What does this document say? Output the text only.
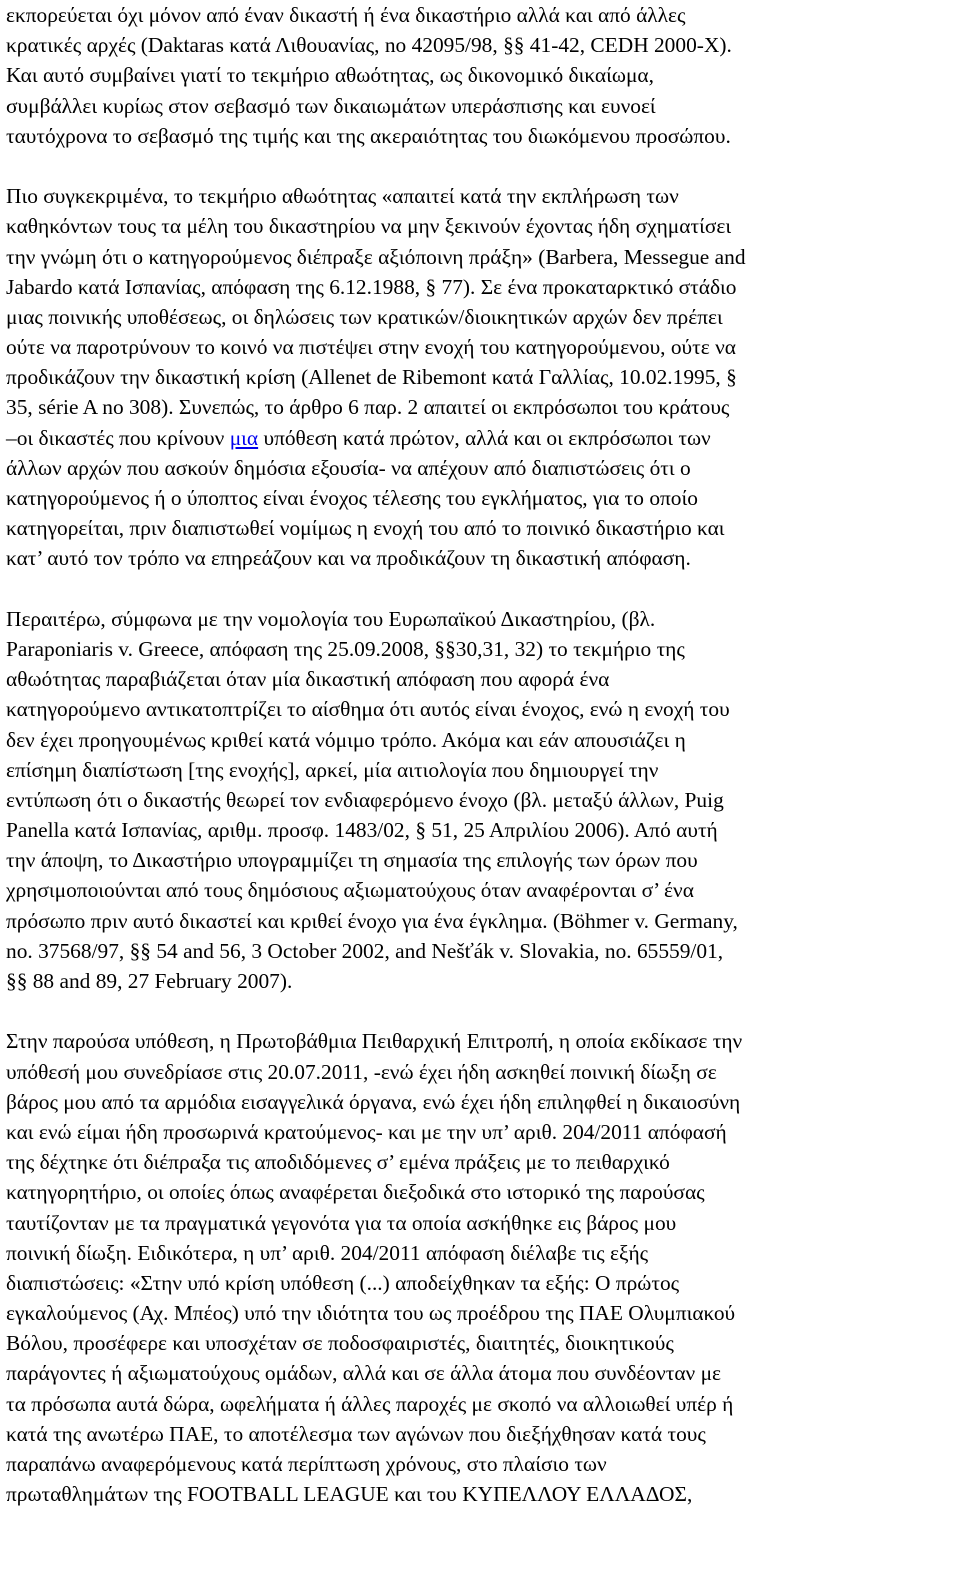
εκπορεύεται όχι μόνον από έναν δικαστή ή ένα δικαστήριο αλλά και από άλλες
κρατικές αρχές (Daktaras κατά Λιθουανίας, no 42095/98, §§ 41-42, CEDH 2000-X).
Και αυτό συμβαίνει γιατί το τεκμήριο αθωότητας, ως δικονομικό δικαίωμα,
συμβάλλει κυρίως στον σεβασμό των δικαιωμάτων υπεράσπισης και ευνοεί
ταυτόχρονα το σεβασμό της τιμής και της ακεραιότητας του διωκόμενου προσώπου.

Πιο συγκεκριμένα, το τεκμήριο αθωότητας «απαιτεί κατά την εκπλήρωση των
καθηκόντων τους τα μέλη του δικαστηρίου να μην ξεκινούν έχοντας ήδη σχηματίσει
την γνώμη ότι ο κατηγορούμενος διέπραξε αξιόποινη πράξη» (Barbera, Messegue and
Jabardo κατά Ισπανίας, απόφαση της 6.12.1988, § 77). Σε ένα προκαταρκτικό στάδιο
μιας ποινικής υποθέσεως, οι δηλώσεις των κρατικών/διοικητικών αρχών δεν πρέπει
ούτε να παροτρύνουν το κοινό να πιστέψει στην ενοχή του κατηγορούμενου, ούτε να
προδικάζουν την δικαστική κρίση (Allenet de Ribemont κατά Γαλλίας, 10.02.1995, §
35, série A no 308). Συνεπώς, το άρθρο 6 παρ. 2 απαιτεί οι εκπρόσωποι του κράτους
–οι δικαστές που κρίνουν μια υπόθεση κατά πρώτον, αλλά και οι εκπρόσωποι των
άλλων αρχών που ασκούν δημόσια εξουσία- να απέχουν από διαπιστώσεις ότι ο
κατηγορούμενος ή ο ύποπτος είναι ένοχος τέλεσης του εγκλήματος, για το οποίο
κατηγορείται, πριν διαπιστωθεί νομίμως η ενοχή του από το ποινικό δικαστήριο και
κατ’ αυτό τον τρόπο να επηρεάζουν και να προδικάζουν τη δικαστική απόφαση.

Περαιτέρω, σύμφωνα με την νομολογία του Ευρωπαϊκού Δικαστηρίου, (βλ.
Paraponiaris v. Greece, απόφαση της 25.09.2008, §§30,31, 32) το τεκμήριο της
αθωότητας παραβιάζεται όταν μία δικαστική απόφαση που αφορά ένα
κατηγορούμενο αντικατοπτρίζει το αίσθημα ότι αυτός είναι ένοχος, ενώ η ενοχή του
δεν έχει προηγουμένως κριθεί κατά νόμιμο τρόπο. Ακόμα και εάν απουσιάζει η
επίσημη διαπίστωση [της ενοχής], αρκεί, μία αιτιολογία που δημιουργεί την
εντύπωση ότι ο δικαστής θεωρεί τον ενδιαφερόμενο ένοχο (βλ. μεταξύ άλλων, Puig
Panella κατά Ισπανίας, αριθμ. προσφ. 1483/02, § 51, 25 Απριλίου 2006). Από αυτή
την άποψη, το Δικαστήριο υπογραμμίζει τη σημασία της επιλογής των όρων που
χρησιμοποιούνται από τους δημόσιους αξιωματούχους όταν αναφέρονται σ’ ένα
πρόσωπο πριν αυτό δικαστεί και κριθεί ένοχο για ένα έγκλημα. (Böhmer v. Germany,
no. 37568/97, §§ 54 and 56, 3 October 2002, and Nešťák v. Slovakia, no. 65559/01,
§§ 88 and 89, 27 February 2007).

Στην παρούσα υπόθεση, η Πρωτοβάθμια Πειθαρχική Επιτροπή, η οποία εκδίκασε την
υπόθεσή μου συνεδρίασε στις 20.07.2011, -ενώ έχει ήδη ασκηθεί ποινική δίωξη σε
βάρος μου από τα αρμόδια εισαγγελικά όργανα, ενώ έχει ήδη επιληφθεί η δικαιοσύνη
και ενώ είμαι ήδη προσωρινά κρατούμενος- και με την υπ’ αριθ. 204/2011 απόφασή
της δέχτηκε ότι διέπραξα τις αποδιδόμενες σ’ εμένα πράξεις με το πειθαρχικό
κατηγορητήριο, οι οποίες όπως αναφέρεται διεξοδικά στο ιστορικό της παρούσας
ταυτίζονταν με τα πραγματικά γεγονότα για τα οποία ασκήθηκε εις βάρος μου
ποινική δίωξη. Ειδικότερα, η υπ’ αριθ. 204/2011 απόφαση διέλαβε τις εξής
διαπιστώσεις: «Στην υπό κρίση υπόθεση (...) αποδείχθηκαν τα εξής: Ο πρώτος
εγκαλούμενος (Αχ. Μπέος) υπό την ιδιότητα του ως προέδρου της ΠΑΕ Ολυμπιακού
Βόλου, προσέφερε και υποσχέταν σε ποδοσφαιριστές, διαιτητές, διοικητικούς
παράγοντες ή αξιωματούχους ομάδων, αλλά και σε άλλα άτομα που συνδέονταν με
τα πρόσωπα αυτά δώρα, ωφελήματα ή άλλες παροχές με σκοπό να αλλοιωθεί υπέρ ή
κατά της ανωτέρω ΠΑΕ, το αποτέλεσμα των αγώνων που διεξήχθησαν κατά τους
παραπάνω αναφερόμενους κατά περίπτωση χρόνους, στο πλαίσιο των
πρωταθλημάτων της FOOTBALL LEAGUE και του ΚΥΠΕΛΛΟΥ ΕΛΛΑΔΟΣ,
